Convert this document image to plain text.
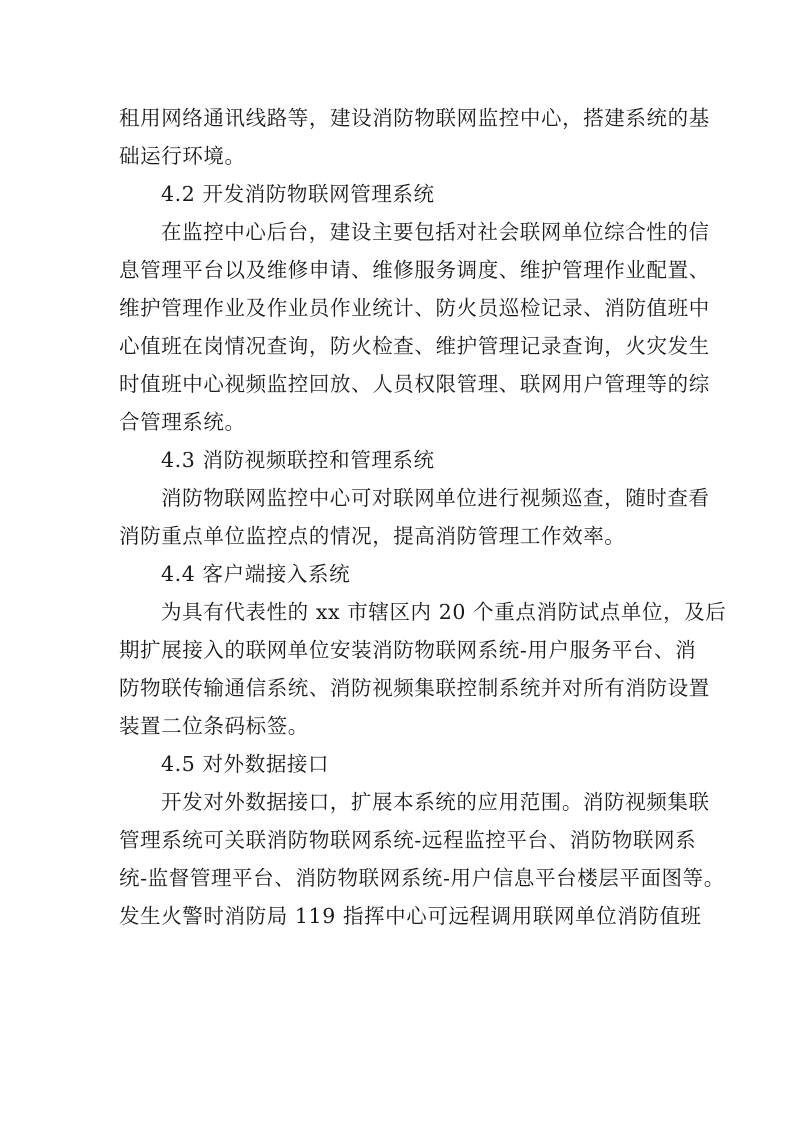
租用网络通讯线路等，建设消防物联网监控中心，搭建系统的基
础运行环境。
4.2 开发消防物联网管理系统
在监控中心后台，建设主要包括对社会联网单位综合性的信
息管理平台以及维修申请、维修服务调度、维护管理作业配置、
维护管理作业及作业员作业统计、防火员巡检记录、消防值班中
心值班在岗情况查询，防火检查、维护管理记录查询，火灾发生
时值班中心视频监控回放、人员权限管理、联网用户管理等的综
合管理系统。
4.3 消防视频联控和管理系统
消防物联网监控中心可对联网单位进行视频巡查，随时查看
消防重点单位监控点的情况，提高消防管理工作效率。
4.4 客户端接入系统
为具有代表性的 xx 市辖区内 20 个重点消防试点单位，及后
期扩展接入的联网单位安装消防物联网系统-用户服务平台、消
防物联传输通信系统、消防视频集联控制系统并对所有消防设置
装置二位条码标签。
4.5 对外数据接口
开发对外数据接口，扩展本系统的应用范围。消防视频集联
管理系统可关联消防物联网系统-远程监控平台、消防物联网系
统-监督管理平台、消防物联网系统-用户信息平台楼层平面图等。
发生火警时消防局 119 指挥中心可远程调用联网单位消防值班
